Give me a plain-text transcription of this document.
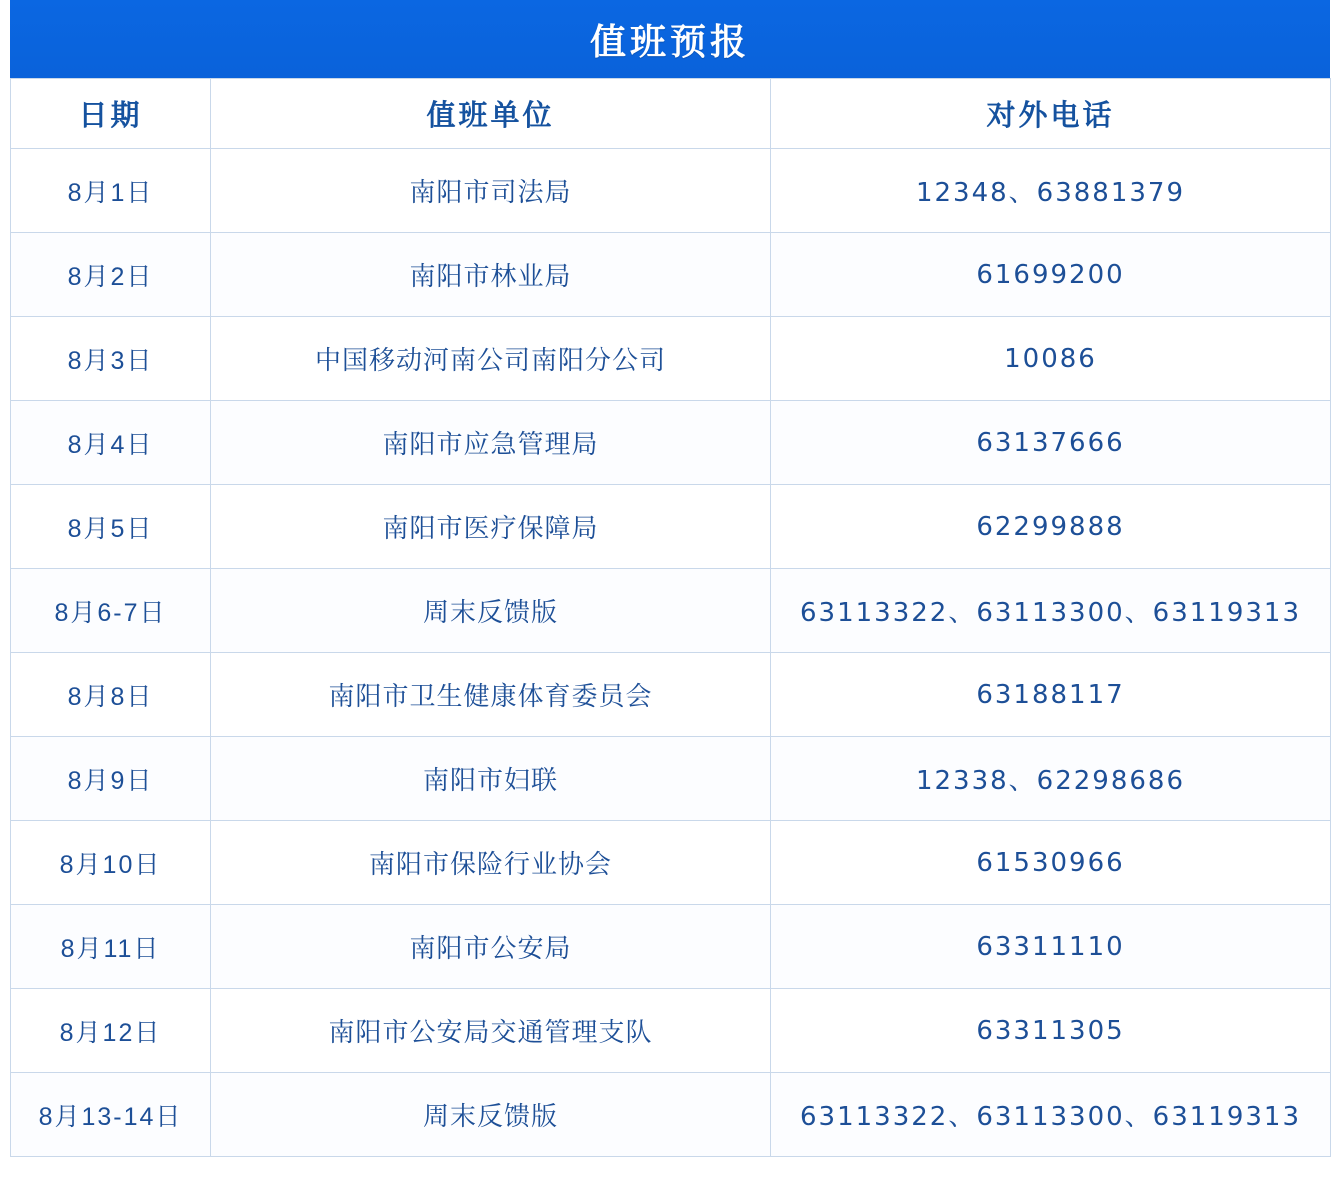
值班预报
日期	值班单位	对外电话
8月1日	南阳市司法局	12348、63881379
8月2日	南阳市林业局	61699200
8月3日	中国移动河南公司南阳分公司	10086
8月4日	南阳市应急管理局	63137666
8月5日	南阳市医疗保障局	62299888
8月6-7日	周末反馈版	63113322、63113300、63119313
8月8日	南阳市卫生健康体育委员会	63188117
8月9日	南阳市妇联	12338、62298686
8月10日	南阳市保险行业协会	61530966
8月11日	南阳市公安局	63311110
8月12日	南阳市公安局交通管理支队	63311305
8月13-14日	周末反馈版	63113322、63113300、63119313
